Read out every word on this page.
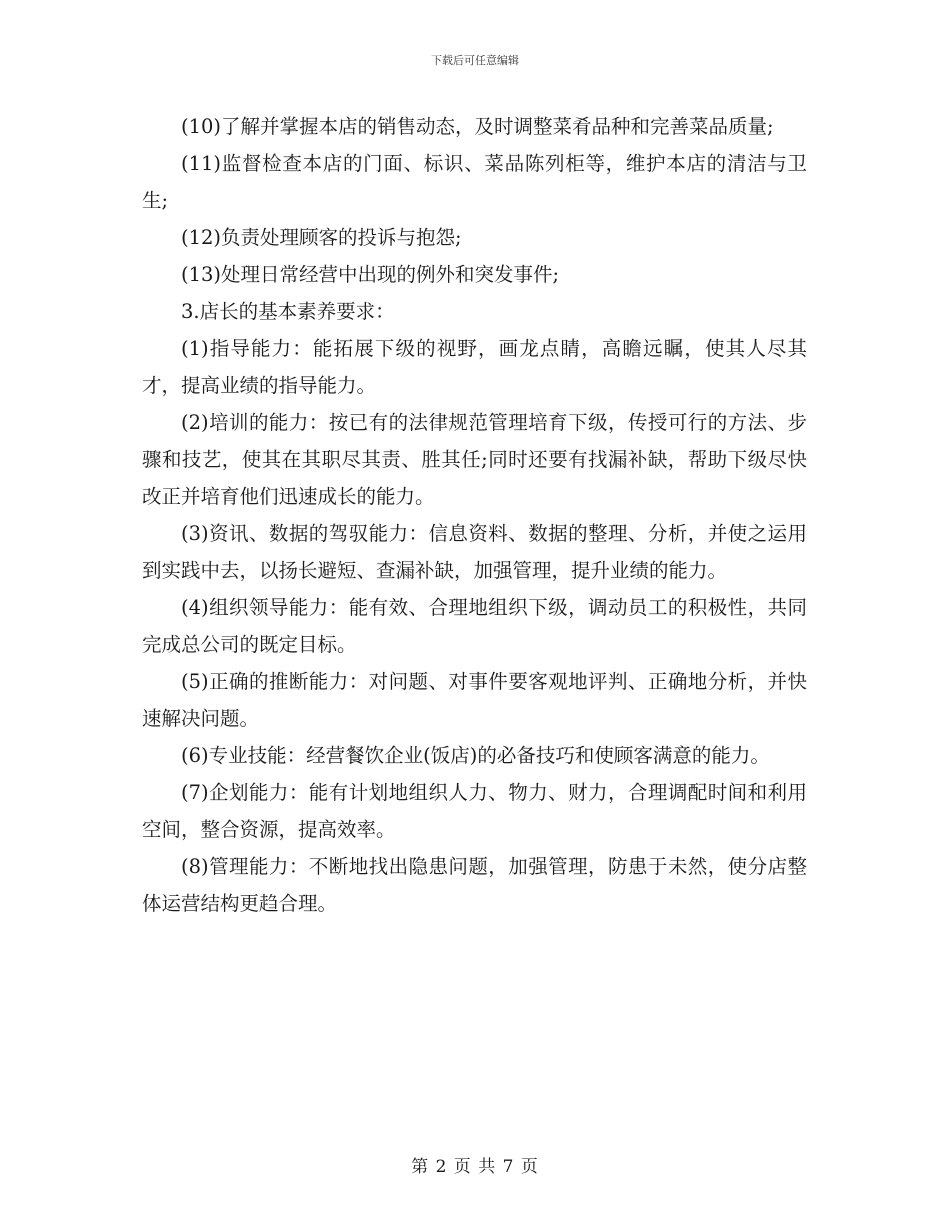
下载后可任意编辑

(10)了解并掌握本店的销售动态，及时调整菜肴品种和完善菜品质量;

(11)监督检查本店的门面、标识、菜品陈列柜等，维护本店的清洁与卫生;

(12)负责处理顾客的投诉与抱怨;

(13)处理日常经营中出现的例外和突发事件;

3.店长的基本素养要求：

(1)指导能力：能拓展下级的视野，画龙点睛，高瞻远瞩，使其人尽其才，提高业绩的指导能力。

(2)培训的能力：按已有的法律规范管理培育下级，传授可行的方法、步骤和技艺，使其在其职尽其责、胜其任;同时还要有找漏补缺，帮助下级尽快改正并培育他们迅速成长的能力。

(3)资讯、数据的驾驭能力：信息资料、数据的整理、分析，并使之运用到实践中去，以扬长避短、查漏补缺，加强管理，提升业绩的能力。

(4)组织领导能力：能有效、合理地组织下级，调动员工的积极性，共同完成总公司的既定目标。

(5)正确的推断能力：对问题、对事件要客观地评判、正确地分析，并快速解决问题。

(6)专业技能：经营餐饮企业(饭店)的必备技巧和使顾客满意的能力。

(7)企划能力：能有计划地组织人力、物力、财力，合理调配时间和利用空间，整合资源，提高效率。

(8)管理能力：不断地找出隐患问题，加强管理，防患于未然，使分店整体运营结构更趋合理。

第 2 页 共 7 页
